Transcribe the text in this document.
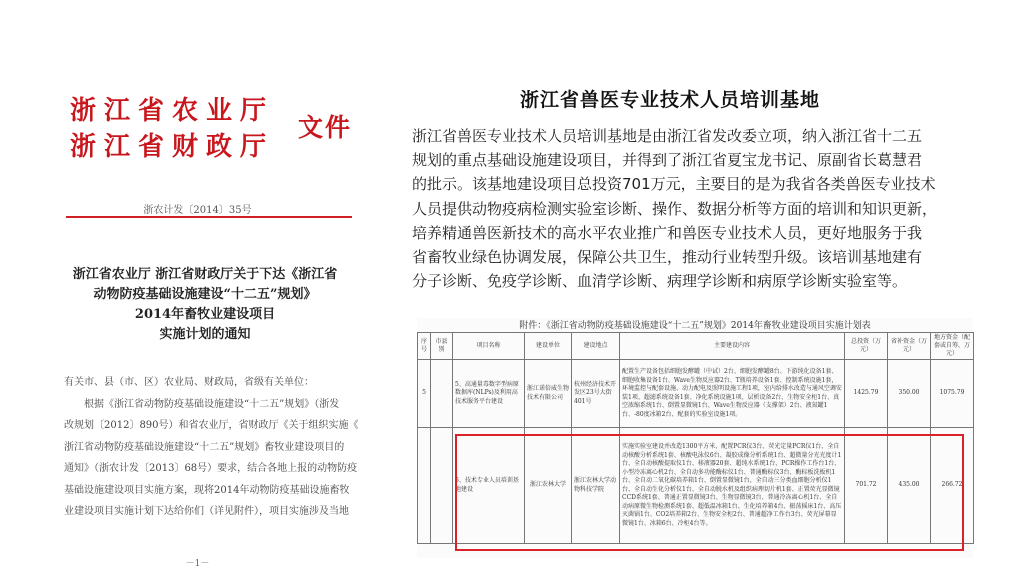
浙江省农业厅
浙江省财政厅
文件
浙农计发〔2014〕35号
浙江省农业厅 浙江省财政厅关于下达《浙江省
动物防疫基础设施建设“十二五”规划》
2014年畜牧业建设项目
实施计划的通知

有关市、县（市、区）农业局、财政局，省级有关单位：

根据《浙江省动物防疫基础设施建设“十二五”规划》（浙发

改规划〔2012〕890号）和省农业厅，省财政厅《关于组织实施《

浙江省动物防疫基础设施建设“十二五”规划》畜牧业建设项目的

通知》（浙农计发〔2013〕68号）要求，结合各地上报的动物防疫

基础设施建设项目实施方案，现将2014年动物防疫基础设施畜牧

业建设项目实施计划下达给你们（详见附件），项目实施涉及当地

－1－
浙江省兽医专业技术人员培训基地

浙江省兽医专业技术人员培训基地是由浙江省发改委立项，纳入浙江省十二五

规划的重点基础设施建设项目，并得到了浙江省夏宝龙书记、原副省长葛慧君

的批示。该基地建设项目总投资701万元，主要目的是为我省各类兽医专业技术

人员提供动物疫病检测实验室诊断、操作、数据分析等方面的培训和知识更新，

培养精通兽医新技术的高水平农业推广和兽医专业技术人员，更好地服务于我

省畜牧业绿色协调发展，保障公共卫生，推动行业转型升级。该培训基地建有

分子诊断、免疫学诊断、血清学诊断、病理学诊断和病原学诊断实验室等。

附件：《浙江省动物防疫基础设施建设“十二五”规划》2014年畜牧业建设项目实施计划表
序号	市县别	项目名称	建设单位	建设地点	主要建设内容	总投资（万元）	省补资金（万元）	地方资金（配套或自筹，万元）
5		5、高通量毒数字型病原数据库(NLPs)及利用高技术服务平台建设	浙江诺倍威生物技术有限公司	杭州经济技术开发区23号大街401号	配置生产设备包括细胞发酵罐（中试）2台、细胞发酵罐8台、下游纯化设备1套、细胞收集设备1台、Wave生物反应器2台、T瓶培养设备1套、控制系统设施1套，环境监控与配套设施、动力配电及照明设施工程1项，室内给排水改造与通风空调安装1项、超滤系统设备1套、净化系统设施1项、层析设备2台、生物安全柜1台、真空浓缩系统1台、倒置显微镜1台、Wave生物反应器（支撑架）2台、液氮罐1台、-80度冰箱2台、配套的实验室设施1项。	1425.79	350.00	1075.79
		6、技术专业人员培训基地建设	浙江农林大学	浙江农林大学动物科技学院	实施实验室建设并改造1300平方米，配置PCR仪3台、荧光定量PCR仪1台、全自动核酸分析系统1套、核酸电泳仪6台、凝胶成像分析系统1台、超微量分光光度计1台、全自动核酸提取仪1台、移液器20套、超纯水系统1台、PCR操作工作台1台、小型冷冻离心机2台、全自动多功能酶标仪1台、普通酶标仪3台、酶标板洗板机1台、全自动二氧化碳培养箱1台、倒置显微镜1台、全自动三分类血细胞分析仪1台、全自动生化分析仪1台、全自动脱水机及组织病理切片机1套、正置荧光显微镜CCD系统1套、普通正置显微镜3台、生物显微镜3台、普通冷冻离心机1台、全自动病原微生物检测系统1套、超低温冰箱1台、生化培养箱4台、振荡摇床1台、高压灭菌锅1台、CO2培养箱2台、生物安全柜2台、普通超净工作台3台、荧光屏幕显微镜1台、冰箱6台、冷柜4台等。	701.72	435.00	266.72
